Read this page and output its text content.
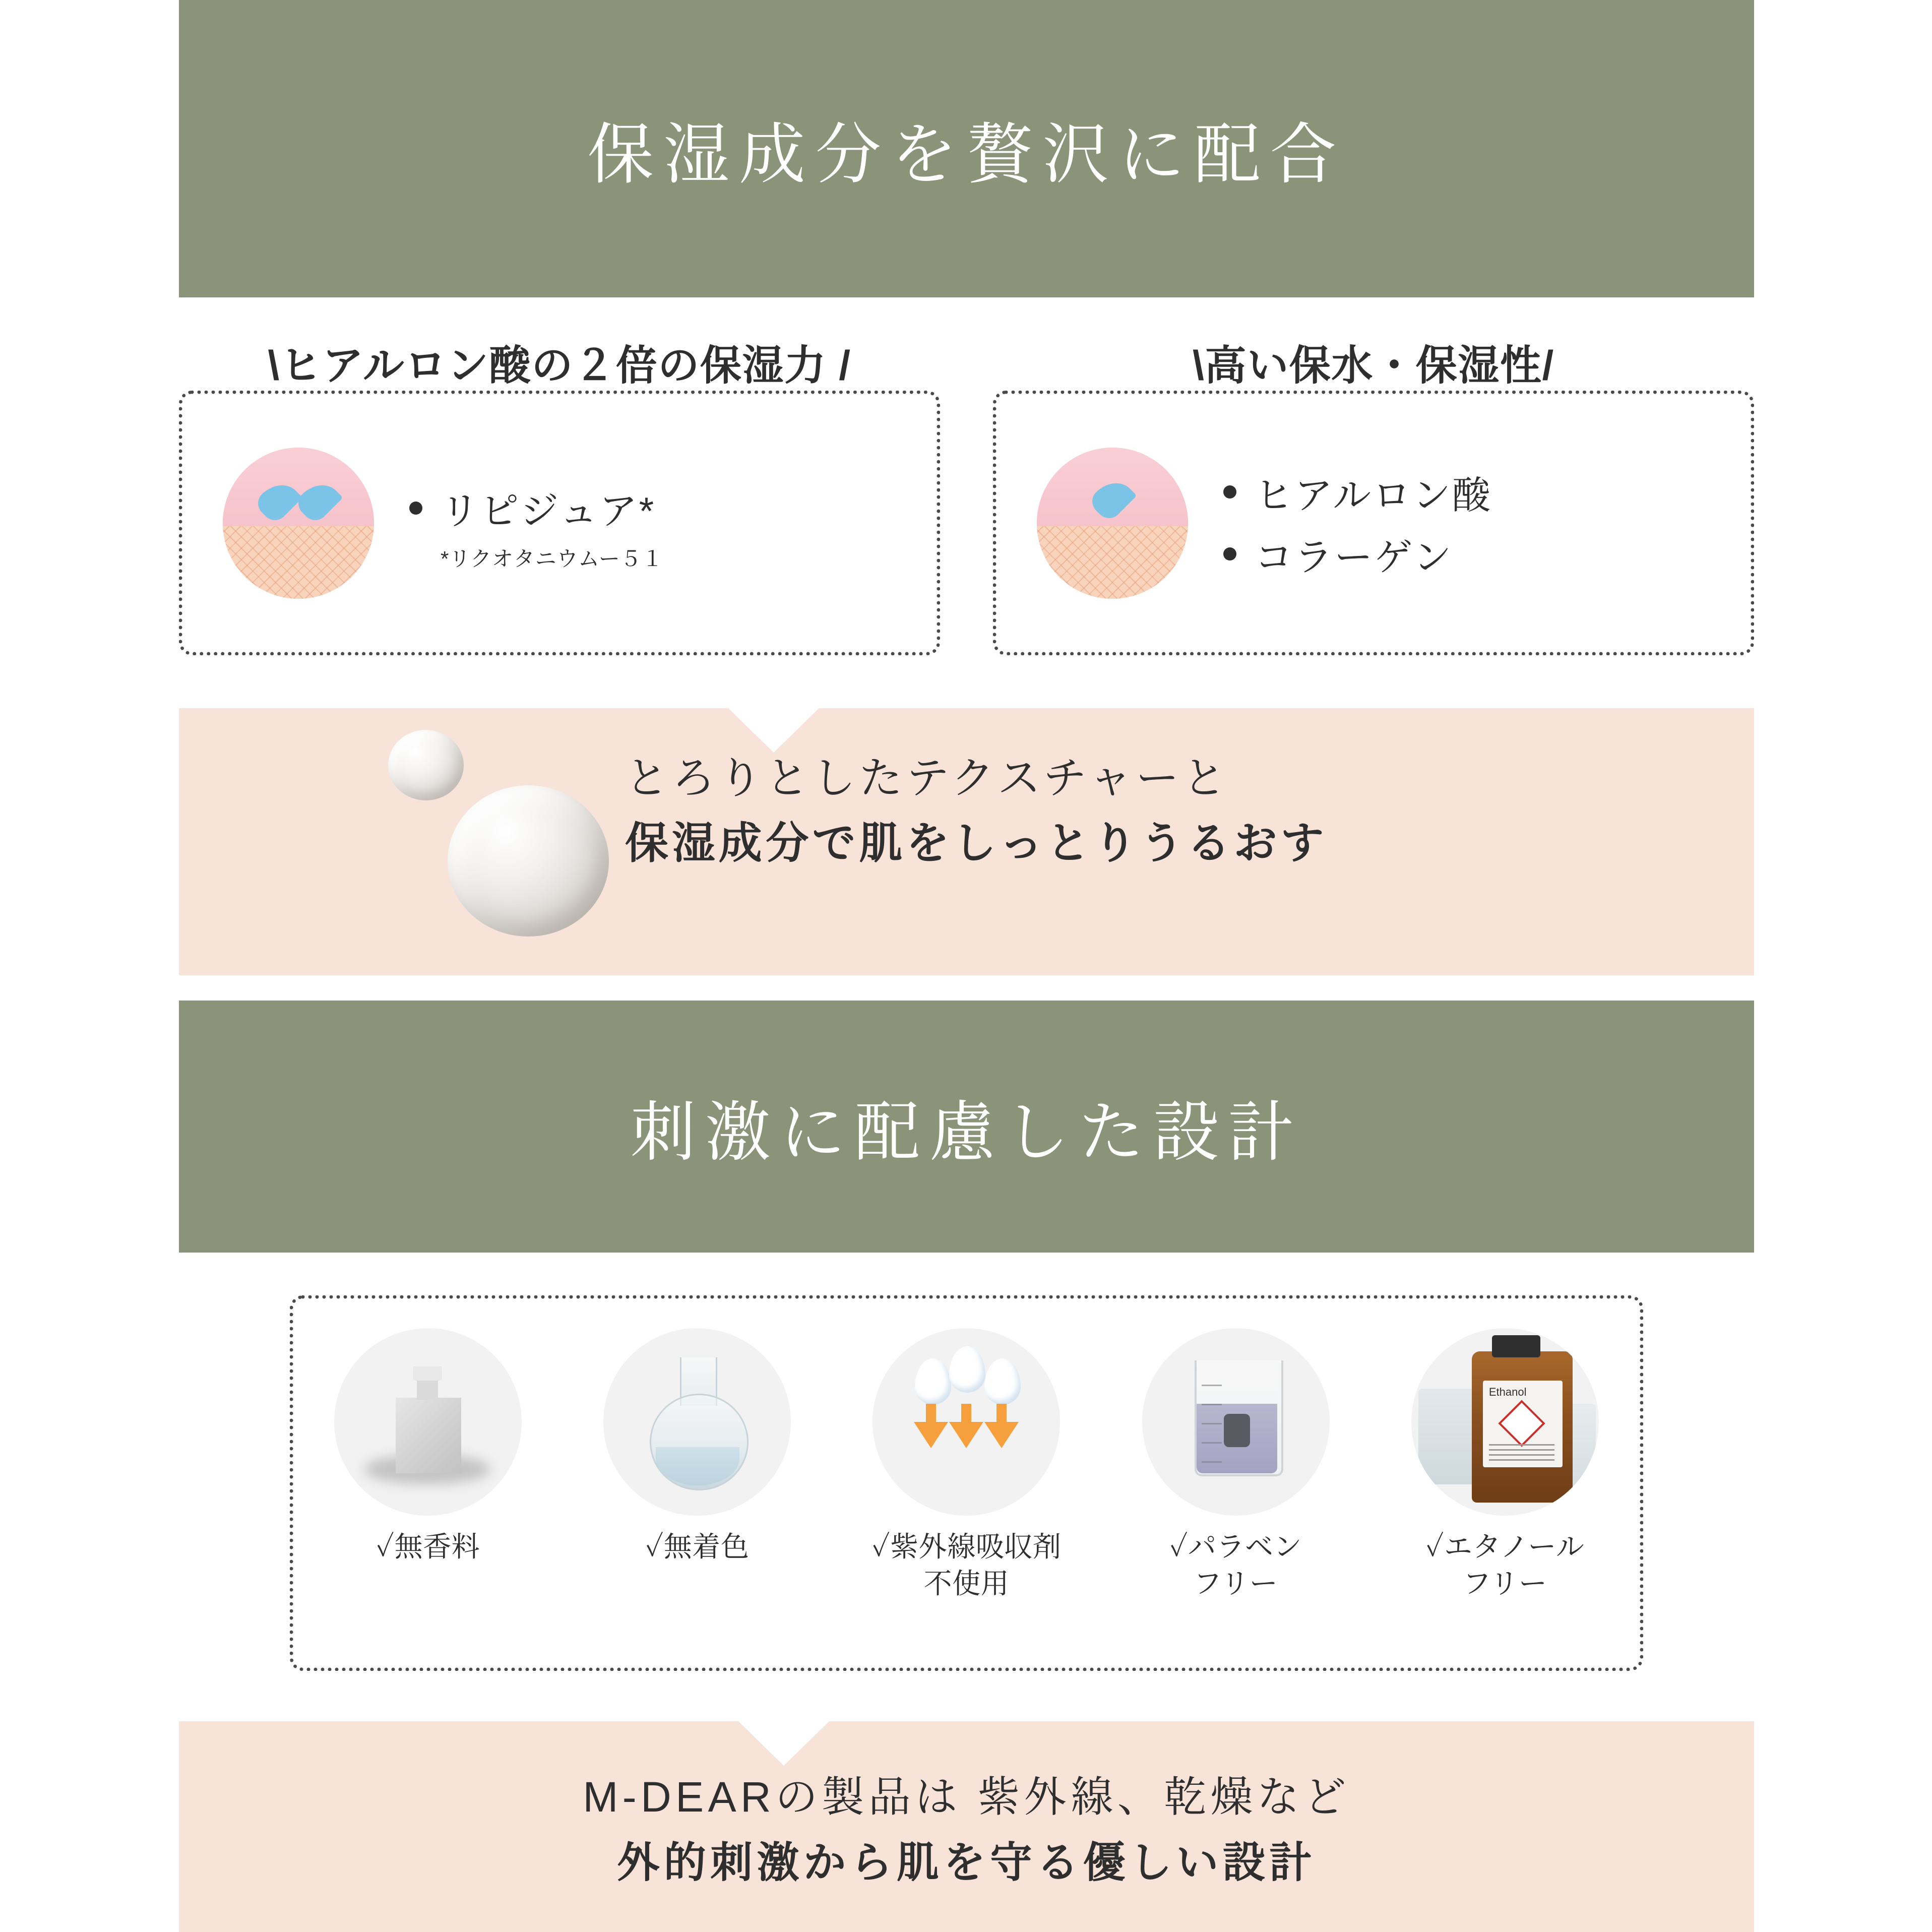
保湿成分を贅沢に配合
\ヒアルロン酸の２倍の保湿力 /
リピジュア*
*リクオタニウムー５１
\高い保水・保湿性/
ヒアルロン酸
コラーゲン
とろりとしたテクスチャーと
保湿成分で肌をしっとりうるおす
刺激に配慮した設計
✓無香料	✓無着色	✓紫外線吸収剤
不使用
✓パラベン
フリー
Ethanol
✓エタノール
フリー
M-DEARの製品は 紫外線、乾燥など
外的刺激から肌を守る優しい設計
